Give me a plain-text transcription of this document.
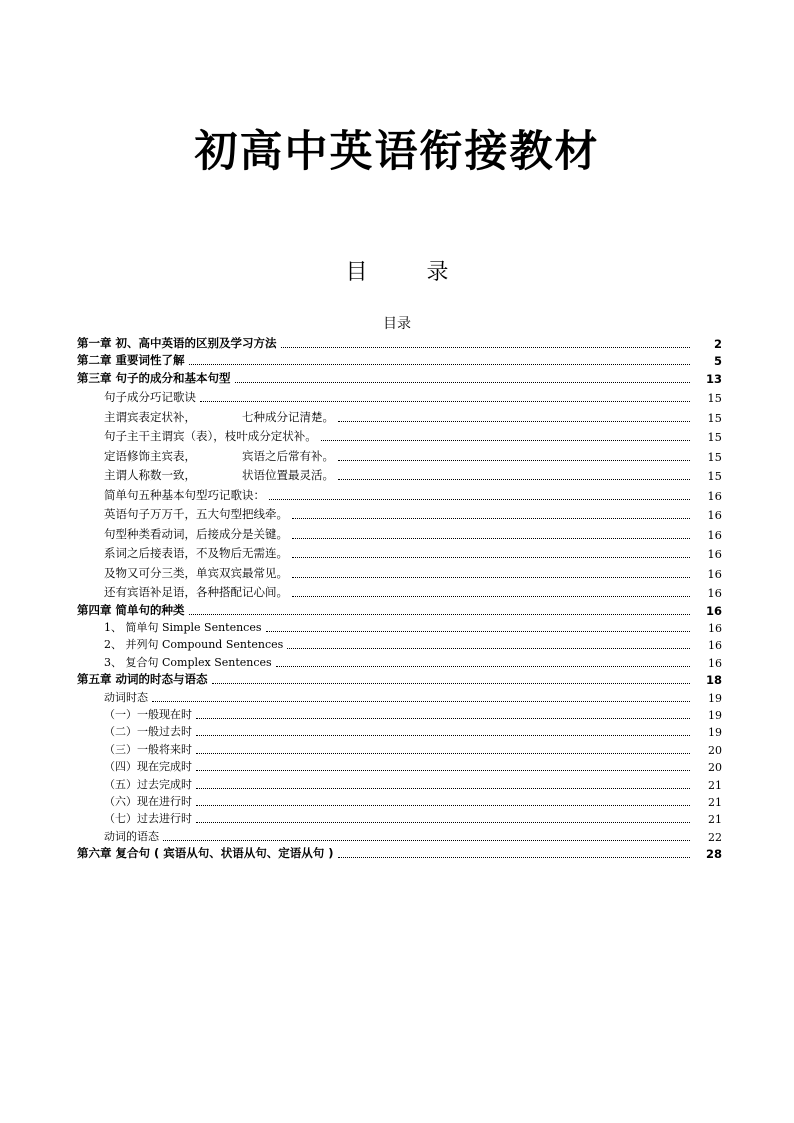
初高中英语衔接教材
目 录
目录
第一章 初、高中英语的区别及学习方法	2
第二章 重要词性了解	5
第三章 句子的成分和基本句型	13
句子成分巧记歌诀	15
主谓宾表定状补，	七种成分记清楚。	15
句子主干主谓宾（表），枝叶成分定状补。	15
定语修饰主宾表，	宾语之后常有补。	15
主谓人称数一致，	状语位置最灵活。	15
简单句五种基本句型巧记歌诀：	16
英语句子万万千，五大句型把线牵。	16
句型种类看动词，后接成分是关键。	16
系词之后接表语，不及物后无需连。	16
及物又可分三类，单宾双宾最常见。	16
还有宾语补足语，各种搭配记心间。	16
第四章 简单句的种类	16
1、 简单句 Simple Sentences	16
2、 并列句 Compound Sentences	16
3、 复合句 Complex Sentences	16
第五章 动词的时态与语态	18
动词时态	19
（一）一般现在时	19
（二）一般过去时	19
（三）一般将来时	20
（四）现在完成时	20
（五）过去完成时	21
（六）现在进行时	21
（七）过去进行时	21
动词的语态	22
第六章 复合句 ( 宾语从句、状语从句、定语从句 )	28
